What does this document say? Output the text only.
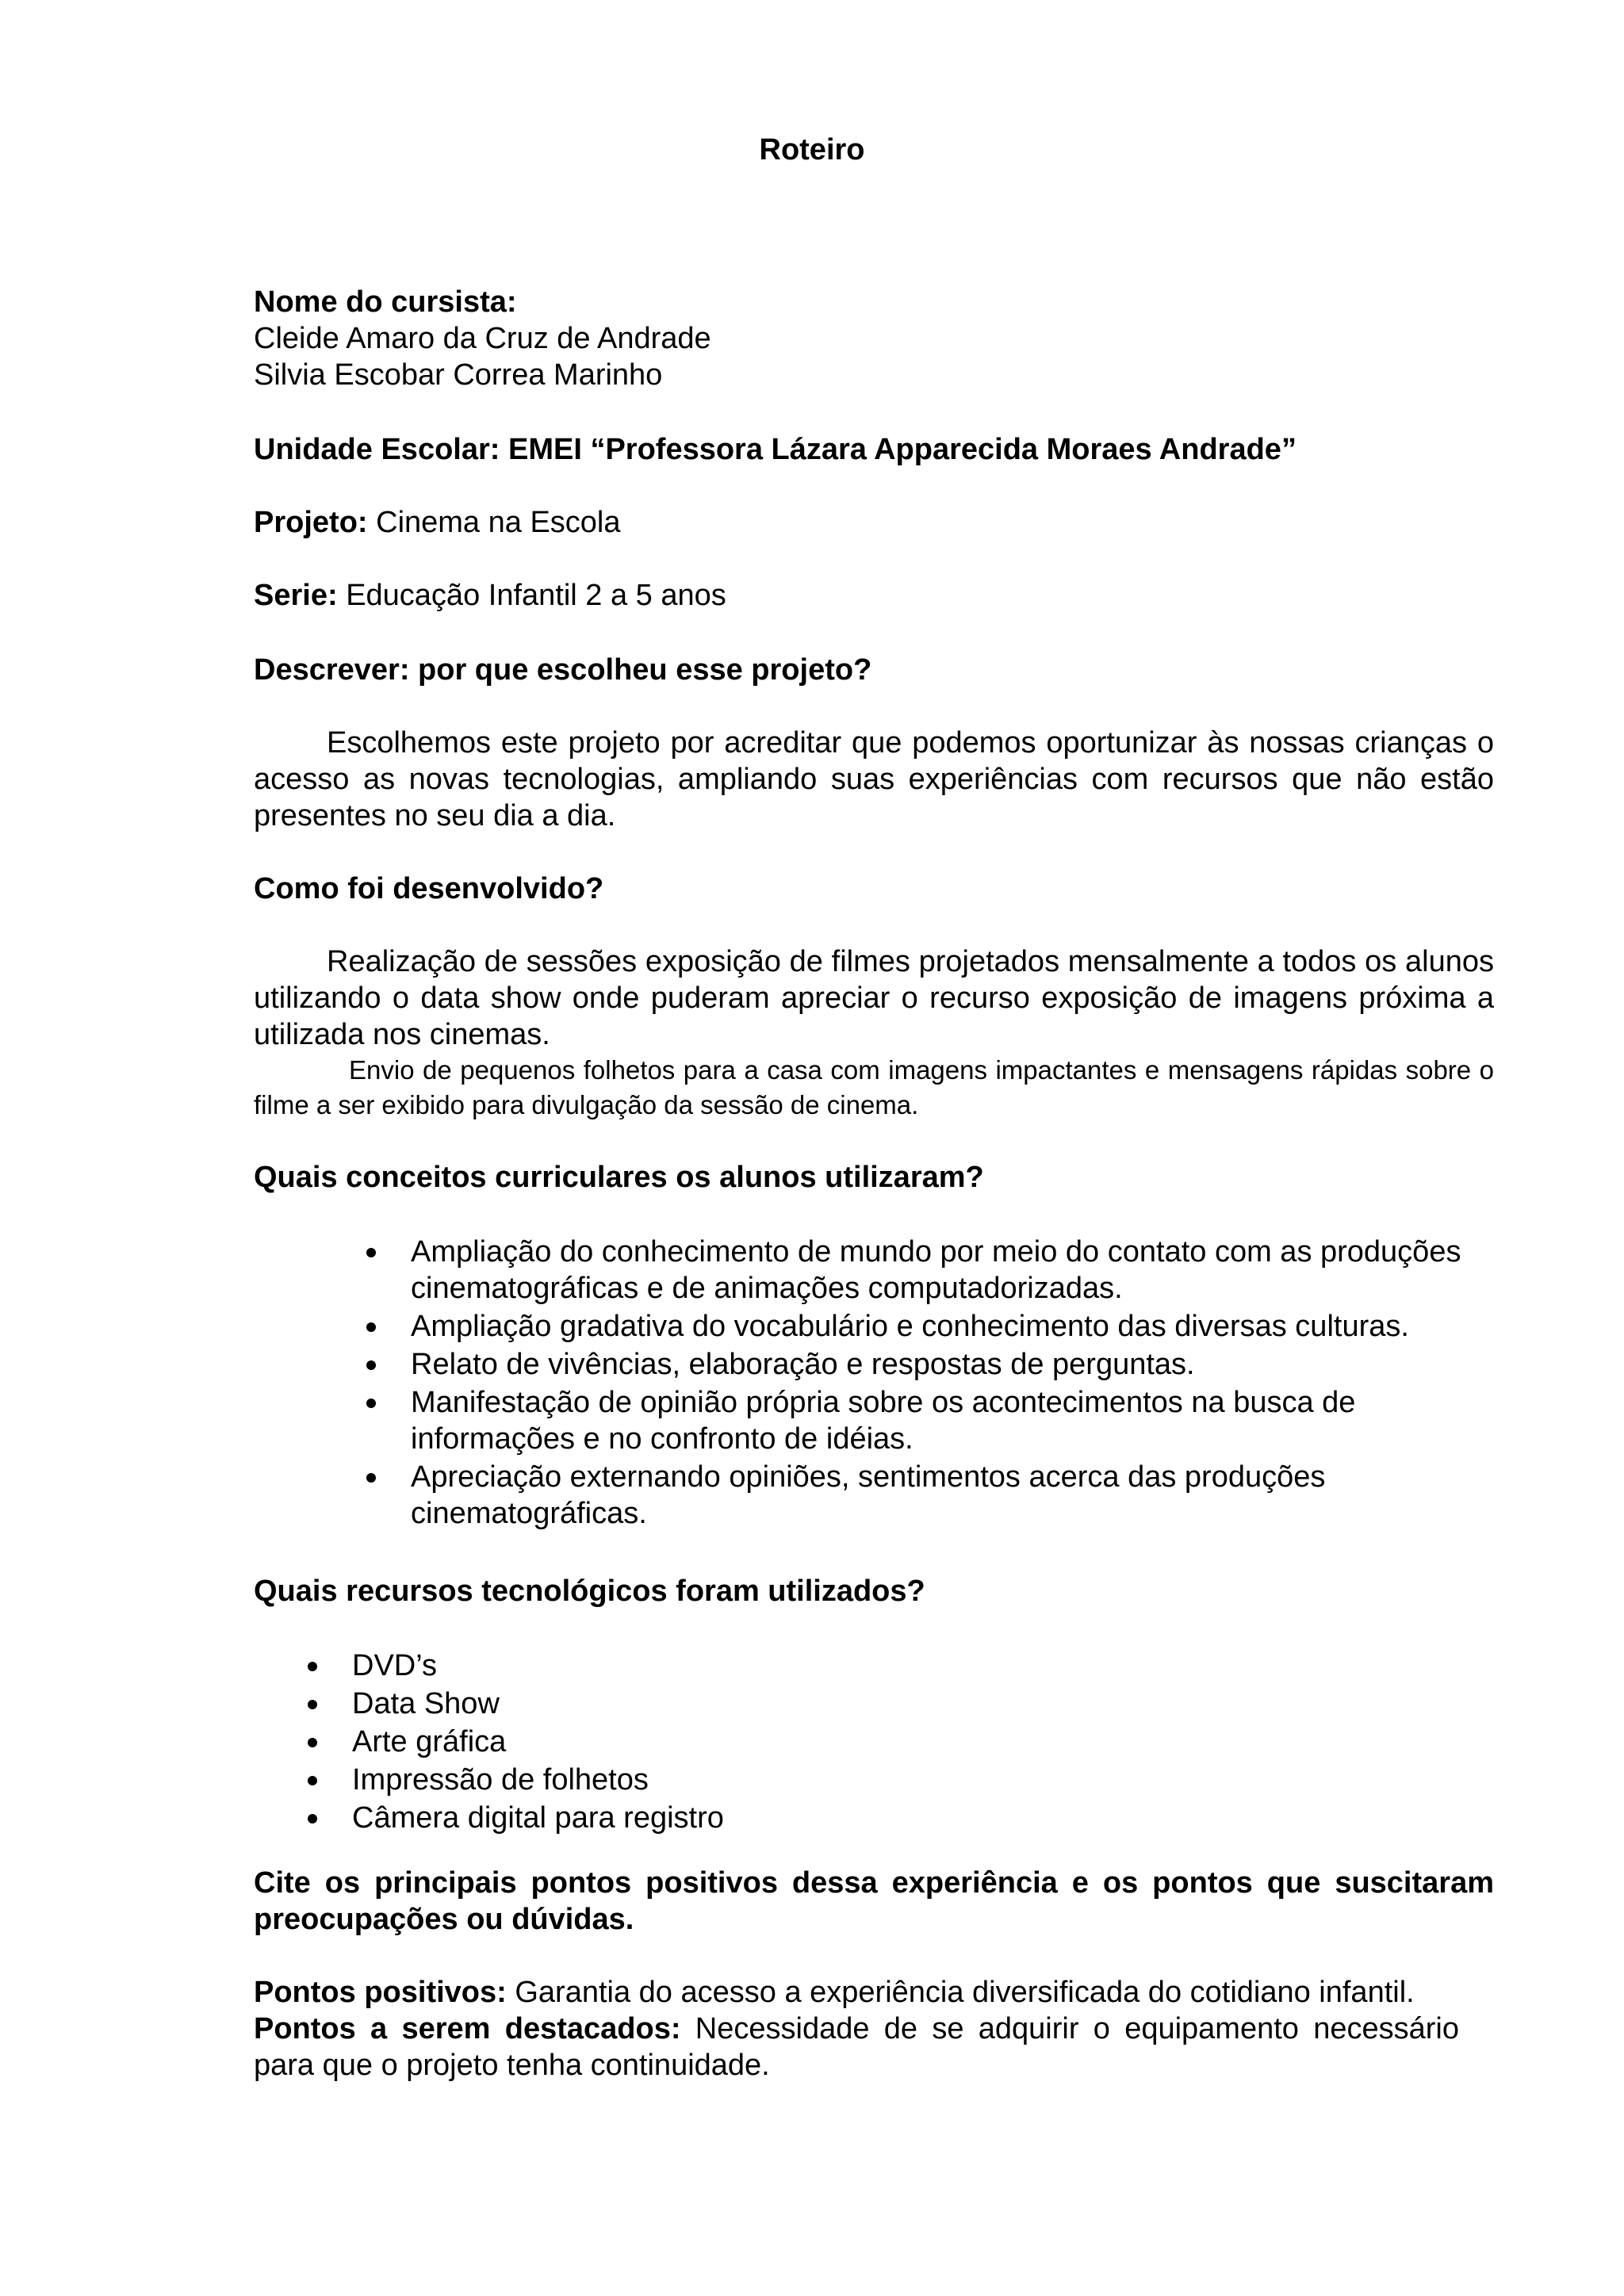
Roteiro
Nome do cursista:
Cleide Amaro da Cruz de Andrade
Silvia Escobar Correa Marinho
Unidade Escolar: EMEI “Professora Lázara Apparecida Moraes Andrade”
Projeto: Cinema na Escola
Serie: Educação Infantil 2 a 5 anos
Descrever: por que escolheu esse projeto?
Escolhemos este projeto por acreditar que podemos oportunizar às nossas crianças o acesso as novas tecnologias, ampliando suas experiências com recursos que não estão presentes no seu dia a dia.
Como foi desenvolvido?
Realização de sessões exposição de filmes projetados mensalmente a todos os alunos utilizando o data show onde puderam apreciar o recurso exposição de imagens próxima a utilizada nos cinemas.
Envio de pequenos folhetos para a casa com imagens impactantes e mensagens rápidas sobre o filme a ser exibido para divulgação da sessão de cinema.
Quais conceitos curriculares os alunos utilizaram?
Ampliação do conhecimento de mundo por meio do contato com as produções cinematográficas e de animações computadorizadas.
Ampliação gradativa do vocabulário e conhecimento das diversas culturas.
Relato de vivências, elaboração e respostas de perguntas.
Manifestação de opinião própria sobre os acontecimentos na busca de informações e no confronto de idéias.
Apreciação externando opiniões, sentimentos acerca das produções cinematográficas.
Quais recursos tecnológicos foram utilizados?
DVD’s
Data Show
Arte gráfica
Impressão de folhetos
Câmera digital para registro
Cite os principais pontos positivos dessa experiência e os pontos que suscitaram preocupações ou dúvidas.
Pontos positivos: Garantia do acesso a experiência diversificada do cotidiano infantil.
Pontos a serem destacados: Necessidade de se adquirir o equipamento necessário para que o projeto tenha continuidade.
